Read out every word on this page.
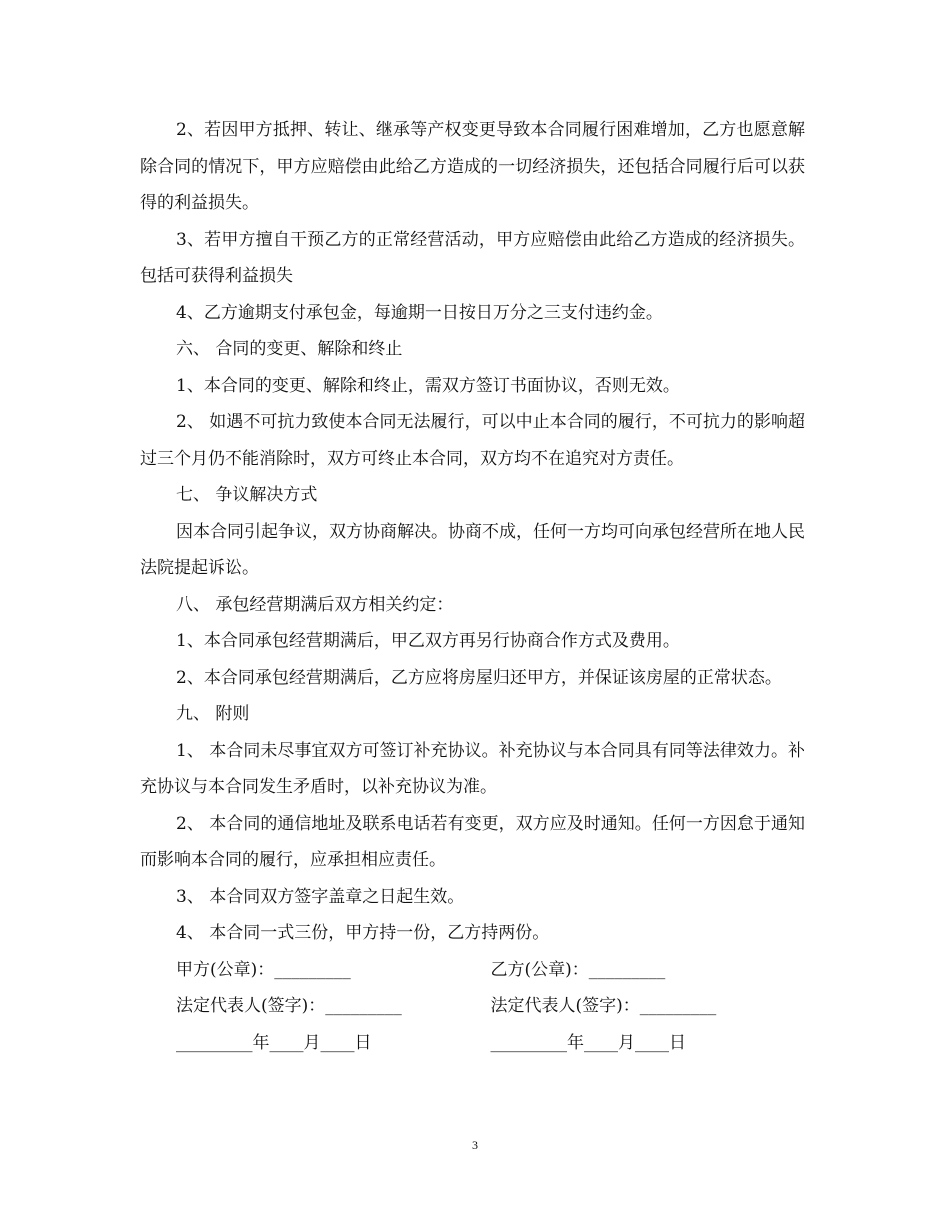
2、若因甲方抵押、转让、继承等产权变更导致本合同履行困难增加，乙方也愿意解除合同的情况下，甲方应赔偿由此给乙方造成的一切经济损失，还包括合同履行后可以获得的利益损失。

3、若甲方擅自干预乙方的正常经营活动，甲方应赔偿由此给乙方造成的经济损失。包括可获得利益损失

4、乙方逾期支付承包金，每逾期一日按日万分之三支付违约金。

六、 合同的变更、解除和终止

1、本合同的变更、解除和终止，需双方签订书面协议，否则无效。

2、 如遇不可抗力致使本合同无法履行，可以中止本合同的履行，不可抗力的影响超过三个月仍不能消除时，双方可终止本合同，双方均不在追究对方责任。

七、 争议解决方式

因本合同引起争议，双方协商解决。协商不成，任何一方均可向承包经营所在地人民法院提起诉讼。

八、 承包经营期满后双方相关约定：

1、本合同承包经营期满后，甲乙双方再另行协商合作方式及费用。

2、本合同承包经营期满后，乙方应将房屋归还甲方，并保证该房屋的正常状态。

九、 附则

1、 本合同未尽事宜双方可签订补充协议。补充协议与本合同具有同等法律效力。补充协议与本合同发生矛盾时，以补充协议为准。

2、 本合同的通信地址及联系电话若有变更，双方应及时通知。任何一方因怠于通知而影响本合同的履行，应承担相应责任。

3、 本合同双方签字盖章之日起生效。

4、 本合同一式三份，甲方持一份，乙方持两份。

甲方(公章)：_________	乙方(公章)：_________
法定代表人(签字)：_________	法定代表人(签字)：_________
_________年____月____日	_________年____月____日
3
